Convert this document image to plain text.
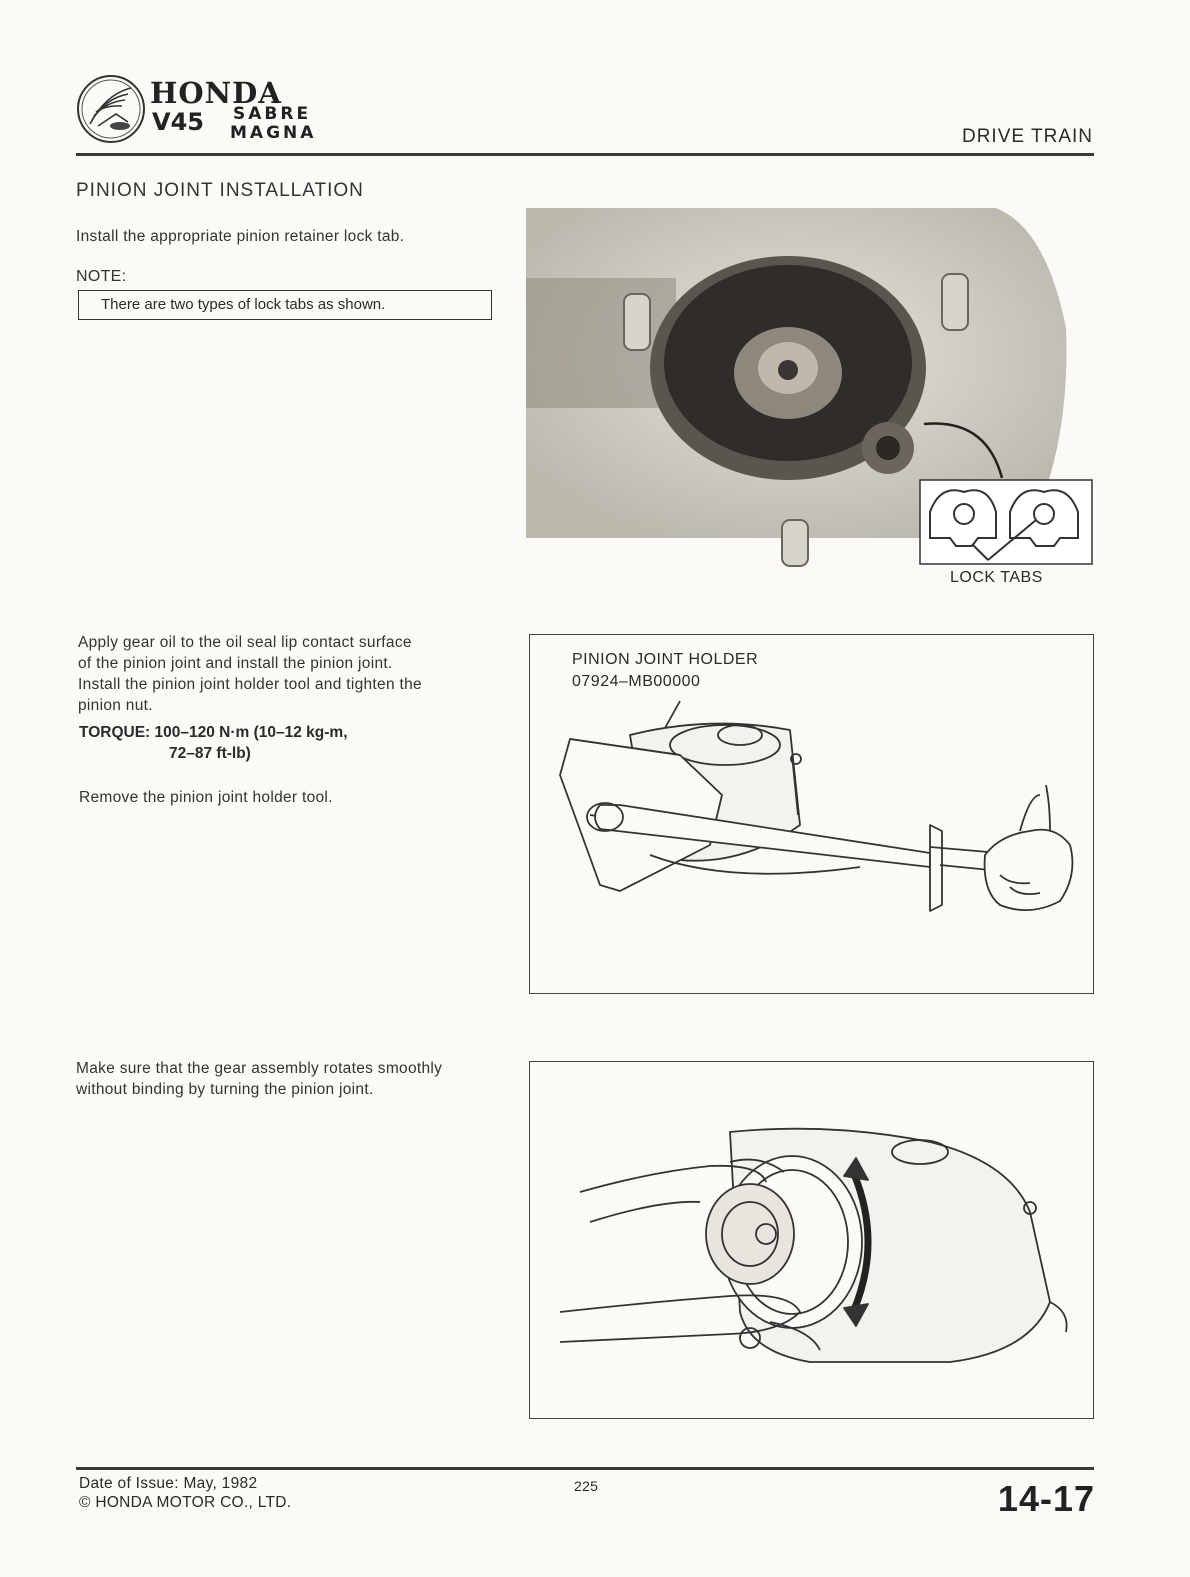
HONDA
V45 SABRE
MAGNA	DRIVE TRAIN
PINION JOINT INSTALLATION
Install the appropriate pinion retainer lock tab.
NOTE:
There are two types of lock tabs as shown.
LOCK TABS
Apply gear oil to the oil seal lip contact surface
of the pinion joint and install the pinion joint.
Install the pinion joint holder tool and tighten the
pinion nut.
TORQUE: 100–120 N·m (10–12 kg-m,
72–87 ft-lb)
Remove the pinion joint holder tool.
PINION JOINT HOLDER
07924–MB00000
Make sure that the gear assembly rotates smoothly
without binding by turning the pinion joint.
Date of Issue: May, 1982
© HONDA MOTOR CO., LTD.
225	14-17
